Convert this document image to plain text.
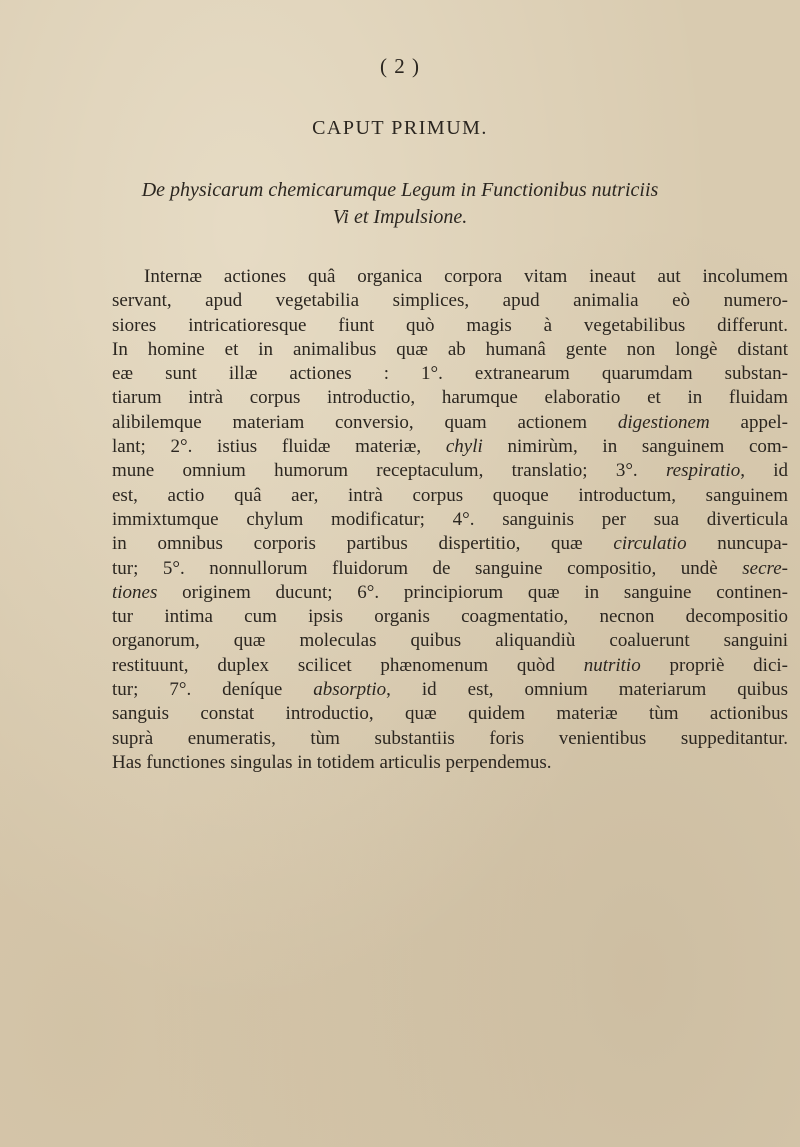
( 2 )
CAPUT PRIMUM.
De physicarum chemicarumque Legum in Functionibus nutriciis
Vi et Impulsione.
Internæ actiones quâ organica corpora vitam ineaut aut incolumem
servant, apud vegetabilia simplices, apud animalia eò numero-
siores intricatioresque fiunt quò magis à vegetabilibus differunt.
In homine et in animalibus quæ ab humanâ gente non longè distant
eæ sunt illæ actiones : 1°. extranearum quarumdam substan-
tiarum intrà corpus introductio, harumque elaboratio et in fluidam
alibilemque materiam conversio, quam actionem digestionem appel-
lant; 2°. istius fluidæ materiæ, chyli nimirùm, in sanguinem com-
mune omnium humorum receptaculum, translatio; 3°. respiratio, id
est, actio quâ aer, intrà corpus quoque introductum, sanguinem
immixtumque chylum modificatur; 4°. sanguinis per sua diverticula
in omnibus corporis partibus dispertitio, quæ circulatio nuncupa-
tur; 5°. nonnullorum fluidorum de sanguine compositio, undè secre-
tiones originem ducunt; 6°. principiorum quæ in sanguine continen-
tur intima cum ipsis organis coagmentatio, necnon decompositio
organorum, quæ moleculas quibus aliquandiù coaluerunt sanguini
restituunt, duplex scilicet phænomenum quòd nutritio propriè dici-
tur; 7°. deníque absorptio, id est, omnium materiarum quibus
sanguis constat introductio, quæ quidem materiæ tùm actionibus
suprà enumeratis, tùm substantiis foris venientibus suppeditantur.
Has functiones singulas in totidem articulis perpendemus.
